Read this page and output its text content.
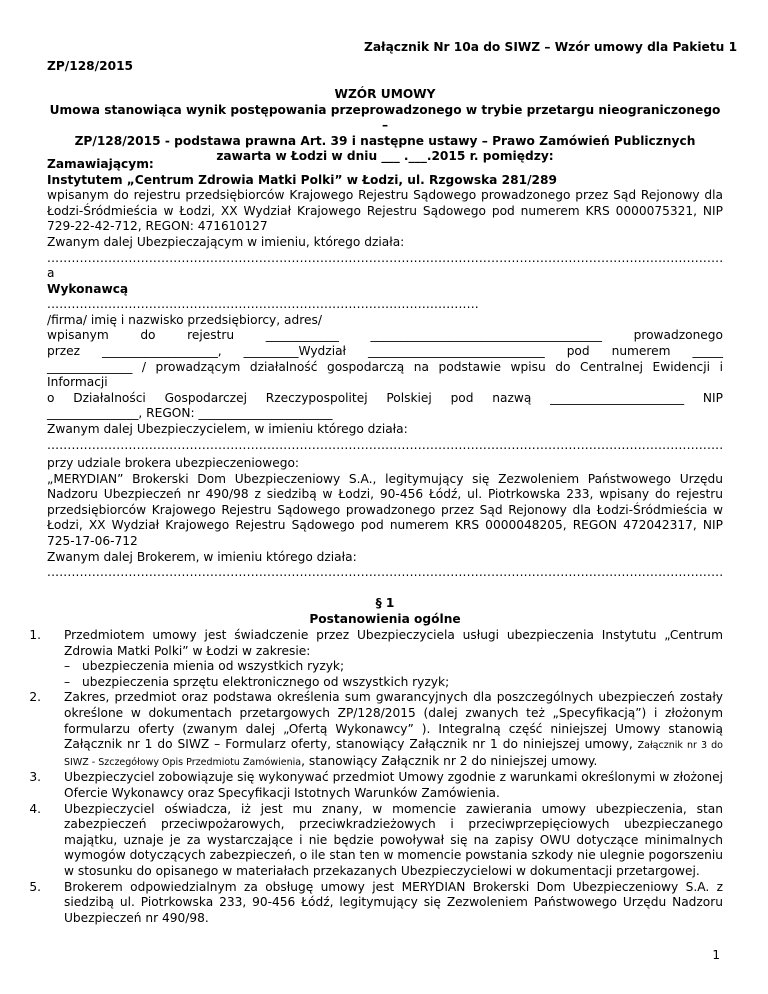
Załącznik Nr 10a do SIWZ – Wzór umowy dla Pakietu 1

ZP/128/2015

WZÓR UMOWY

Umowa stanowiąca wynik postępowania przeprowadzonego w trybie przetargu nieograniczonego –

ZP/128/2015 - podstawa prawna Art. 39 i następne ustawy – Prawo Zamówień Publicznych

zawarta w Łodzi w dniu ___ .___.2015 r. pomiędzy:

Zamawiającym:

Instytutem „Centrum Zdrowia Matki Polki” w Łodzi, ul. Rzgowska 281/289

wpisanym do rejestru przedsiębiorców Krajowego Rejestru Sądowego prowadzonego przez Sąd Rejonowy dla Łodzi-Śródmieścia w Łodzi, XX Wydział Krajowego Rejestru Sądowego pod numerem KRS 0000075321, NIP 729-22-42-712, REGON: 471610127

Zwanym dalej Ubezpieczającym w imieniu, którego działa:

......................................................................................................................................................................

a

Wykonawcą

..........................................................................................................

/firma/ imię i nazwisko przedsiębiorcy, adres/

wpisanym do rejestru ____________ ______________________________________ prowadzonego

przez ___________________, _________Wydział _____________________________ pod numerem _____

______________ / prowadzącym działalność gospodarczą na podstawie wpisu do Centralnej Ewidencji i Informacji

o Działalności Gospodarczej Rzeczypospolitej Polskiej pod nazwą ______________________ NIP

_______________, REGON: ______________________

Zwanym dalej Ubezpieczycielem, w imieniu którego działa:

......................................................................................................................................................................

przy udziale brokera ubezpieczeniowego:

„MERYDIAN” Brokerski Dom Ubezpieczeniowy S.A., legitymujący się Zezwoleniem Państwowego Urzędu Nadzoru Ubezpieczeń nr 490/98 z siedzibą w Łodzi, 90-456 Łódź, ul. Piotrkowska 233, wpisany do rejestru przedsiębiorców Krajowego Rejestru Sądowego prowadzonego przez Sąd Rejonowy dla Łodzi-Śródmieścia w Łodzi, XX Wydział Krajowego Rejestru Sądowego pod numerem KRS 0000048205, REGON 472042317, NIP 725-17-06-712

Zwanym dalej Brokerem, w imieniu którego działa:

......................................................................................................................................................................

§ 1

Postanowienia ogólne

1. Przedmiotem umowy jest świadczenie przez Ubezpieczyciela usługi ubezpieczenia Instytutu „Centrum Zdrowia Matki Polki” w Łodzi w zakresie:
– ubezpieczenia mienia od wszystkich ryzyk;
– ubezpieczenia sprzętu elektronicznego od wszystkich ryzyk;
2. Zakres, przedmiot oraz podstawa określenia sum gwarancyjnych dla poszczególnych ubezpieczeń zostały określone w dokumentach przetargowych ZP/128/2015 (dalej zwanych też „Specyfikacją”) i złożonym formularzu oferty (zwanym dalej „Ofertą Wykonawcy” ). Integralną część niniejszej Umowy stanowią Załącznik nr 1 do SIWZ – Formularz oferty, stanowiący Załącznik nr 1 do niniejszej umowy, Załącznik nr 3 do SIWZ - Szczegółowy Opis Przedmiotu Zamówienia, stanowiący Załącznik nr 2 do niniejszej umowy.
3. Ubezpieczyciel zobowiązuje się wykonywać przedmiot Umowy zgodnie z warunkami określonymi w złożonej Ofercie Wykonawcy oraz Specyfikacji Istotnych Warunków Zamówienia.
4. Ubezpieczyciel oświadcza, iż jest mu znany, w momencie zawierania umowy ubezpieczenia, stan zabezpieczeń przeciwpożarowych, przeciwkradzieżowych i przeciwprzepięciowych ubezpieczanego majątku, uznaje je za wystarczające i nie będzie powoływał się na zapisy OWU dotyczące minimalnych wymogów dotyczących zabezpieczeń, o ile stan ten w momencie powstania szkody nie ulegnie pogorszeniu w stosunku do opisanego w materiałach przekazanych Ubezpieczycielowi w dokumentacji przetargowej.
5. Brokerem odpowiedzialnym za obsługę umowy jest MERYDIAN Brokerski Dom Ubezpieczeniowy S.A. z siedzibą ul. Piotrkowska 233, 90-456 Łódź, legitymujący się Zezwoleniem Państwowego Urzędu Nadzoru Ubezpieczeń nr 490/98.
1
